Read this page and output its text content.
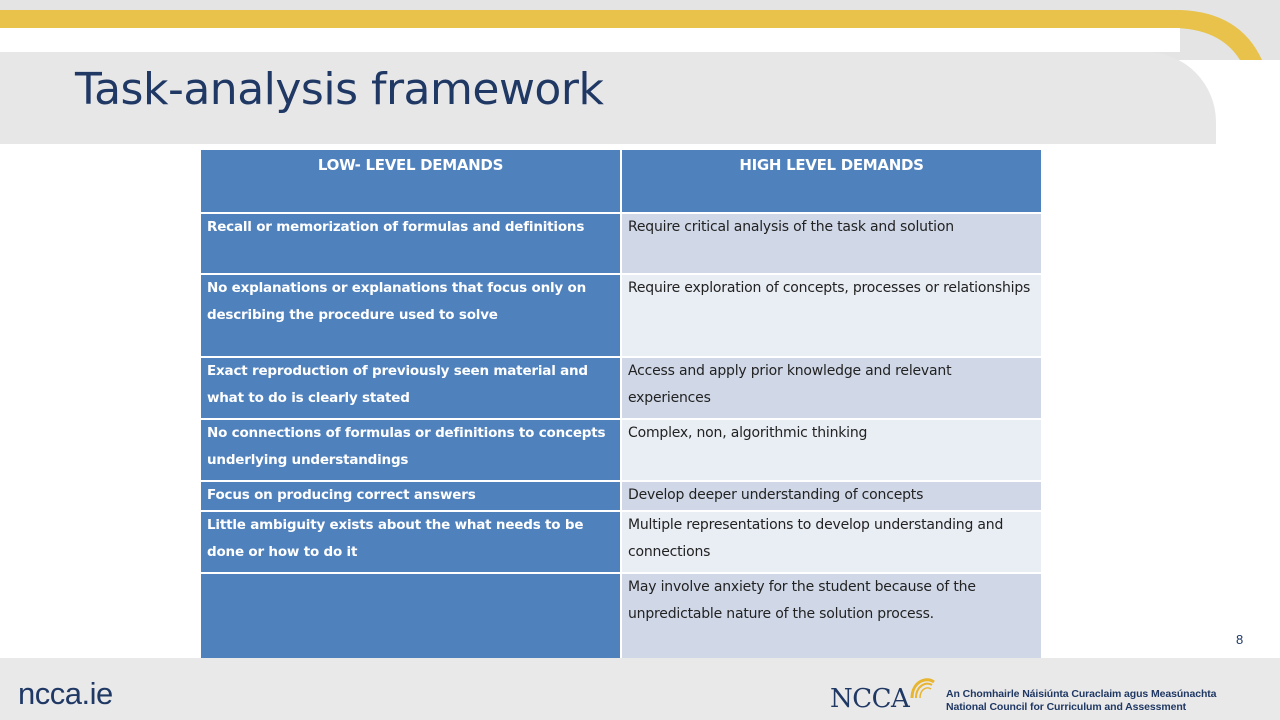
Task-analysis framework
LOW- LEVEL DEMANDS	HIGH LEVEL DEMANDS
Recall or memorization of formulas and definitions	Require critical analysis of the task and solution
No explanations or explanations that focus only on describing the procedure used to solve	Require exploration of concepts, processes or relationships
Exact reproduction of previously seen material and what to do is clearly stated	Access and apply prior knowledge and relevant experiences
No connections of formulas or definitions to concepts underlying understandings	Complex, non, algorithmic thinking
Focus on producing correct answers	Develop deeper understanding of concepts
Little ambiguity exists about the what needs to be done or how to do it	Multiple representations to develop understanding and connections
	May involve anxiety for the student because of the unpredictable nature of the solution process.
8
ncca.ie	NCCA	An Chomhairle Náisiúnta Curaclaim agus Measúnachta
National Council for Curriculum and Assessment
